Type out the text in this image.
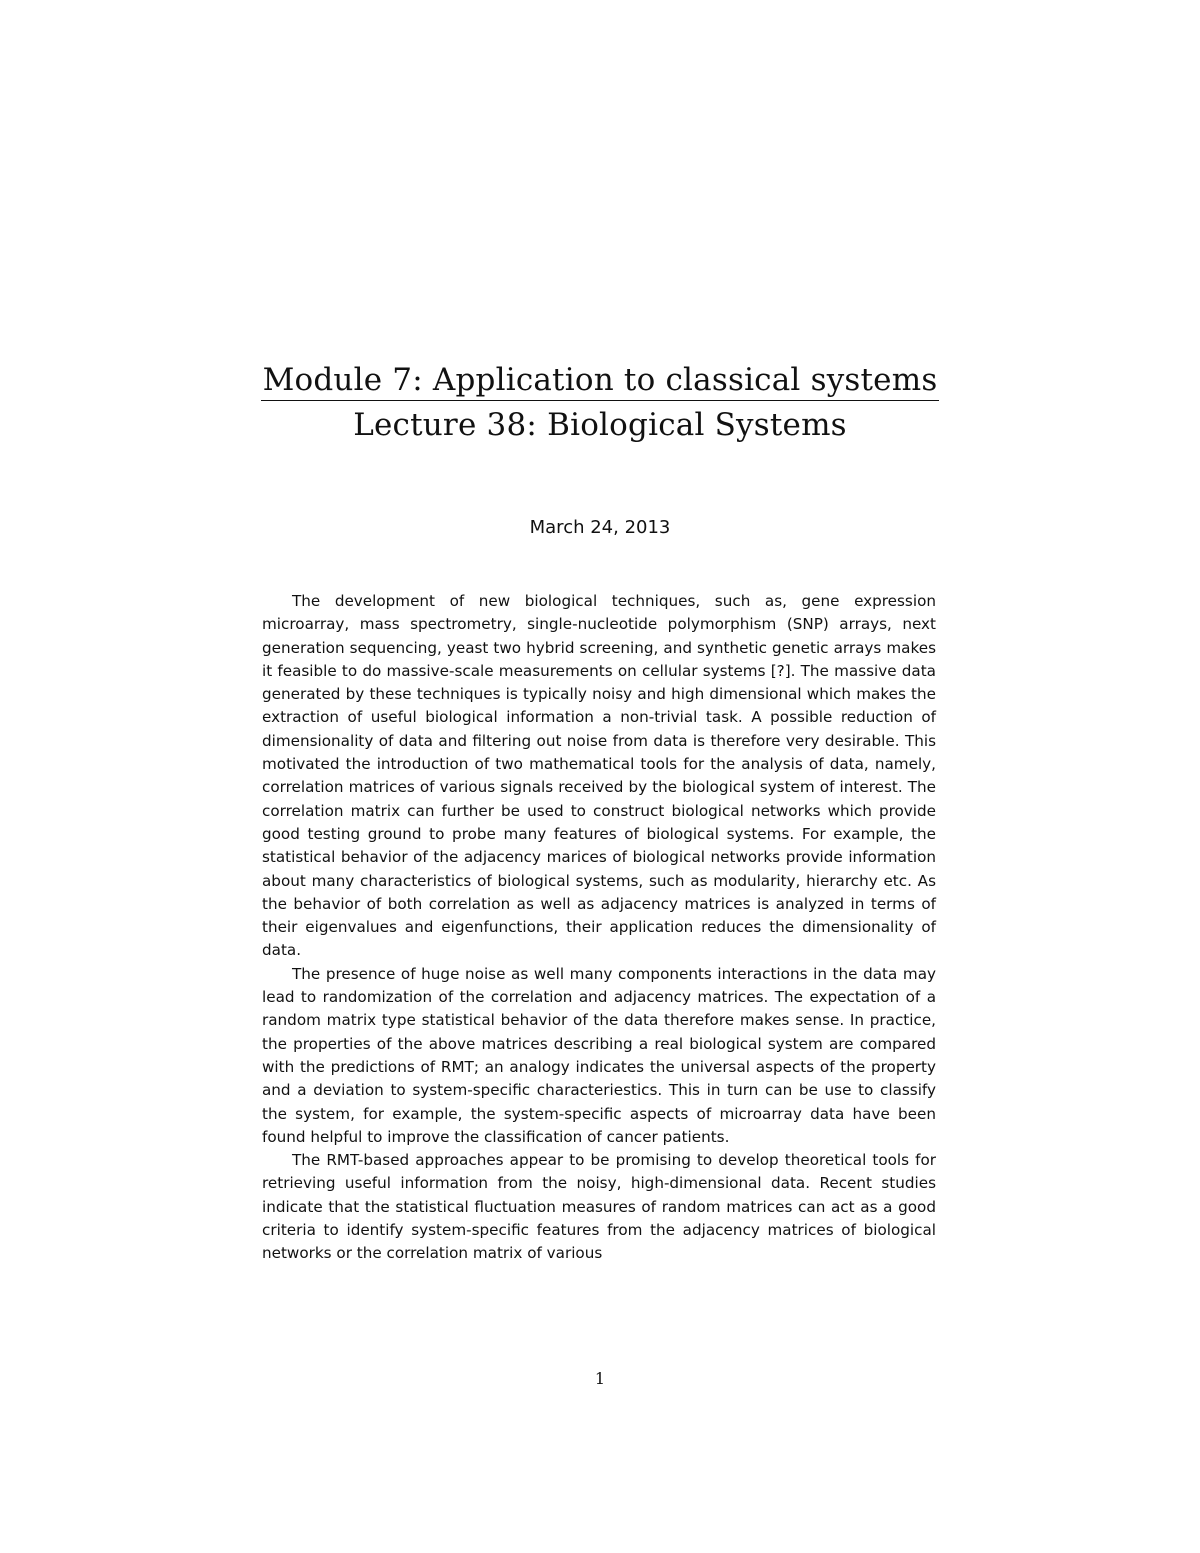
Module 7: Application to classical systems
Lecture 38: Biological Systems
March 24, 2013

The development of new biological techniques, such as, gene expression microarray, mass spectrometry, single-nucleotide polymorphism (SNP) arrays, next generation sequencing, yeast two hybrid screening, and synthetic genetic arrays makes it feasible to do massive-scale measurements on cellular systems [?]. The massive data generated by these techniques is typically noisy and high dimensional which makes the extraction of useful biological information a non-trivial task. A possible reduction of dimensionality of data and filtering out noise from data is therefore very desirable. This motivated the introduction of two mathematical tools for the analysis of data, namely, correlation matrices of various signals received by the biological system of interest. The correlation matrix can further be used to construct biological networks which provide good testing ground to probe many features of biological systems. For example, the statistical behavior of the adjacency marices of biological networks provide information about many characteristics of biological systems, such as modularity, hierarchy etc. As the behavior of both correlation as well as adjacency matrices is analyzed in terms of their eigenvalues and eigenfunctions, their application reduces the dimensionality of data.

The presence of huge noise as well many components interactions in the data may lead to randomization of the correlation and adjacency matrices. The expectation of a random matrix type statistical behavior of the data therefore makes sense. In practice, the properties of the above matrices describing a real biological system are compared with the predictions of RMT; an analogy indicates the universal aspects of the property and a deviation to system-specific characteriestics. This in turn can be use to classify the system, for example, the system-specific aspects of microarray data have been found helpful to improve the classification of cancer patients.

The RMT-based approaches appear to be promising to develop theoretical tools for retrieving useful information from the noisy, high-dimensional data. Recent studies indicate that the statistical fluctuation measures of random matrices can act as a good criteria to identify system-specific features from the adjacency matrices of biological networks or the correlation matrix of various

1
